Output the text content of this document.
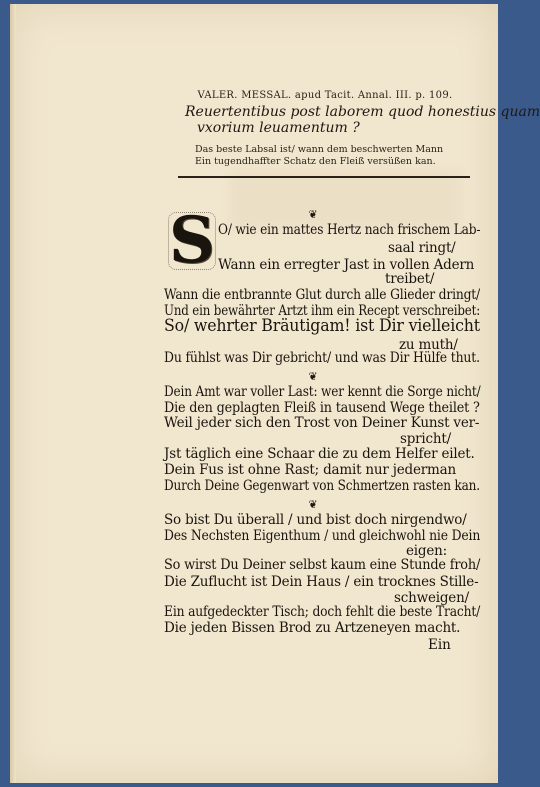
VALER. MESSAL. apud Tacit. Annal. III. p. 109.
Reuertentibus post laborem quod honestius quam
vxorium leuamentum ?
Das beste Labsal ist/ wann dem beschwerten Mann
Ein tugendhaffter Schatz den Fleiß versüßen kan.
❦
S O/ wie ein mattes Hertz nach frischem Lab-
saal ringt/
Wann ein erregter Jast in vollen Adern
treibet/
Wann die entbrannte Glut durch alle Glieder dringt/
Und ein bewährter Artzt ihm ein Recept verschreibet:
So/ wehrter Bräutigam! ist Dir vielleicht
zu muth/
Du fühlst was Dir gebricht/ und was Dir Hülfe thut.
❦
Dein Amt war voller Last: wer kennt die Sorge nicht/
Die den geplagten Fleiß in tausend Wege theilet ?
Weil jeder sich den Trost von Deiner Kunst ver-
spricht/
Jst täglich eine Schaar die zu dem Helfer eilet.
Dein Fus ist ohne Rast; damit nur jederman
Durch Deine Gegenwart von Schmertzen rasten kan.
❦
So bist Du überall / und bist doch nirgendwo/
Des Nechsten Eigenthum / und gleichwohl nie Dein
eigen:
So wirst Du Deiner selbst kaum eine Stunde froh/
Die Zuflucht ist Dein Haus / ein trocknes Stille-
schweigen/
Ein aufgedeckter Tisch; doch fehlt die beste Tracht/
Die jeden Bissen Brod zu Artzeneyen macht.
Ein
